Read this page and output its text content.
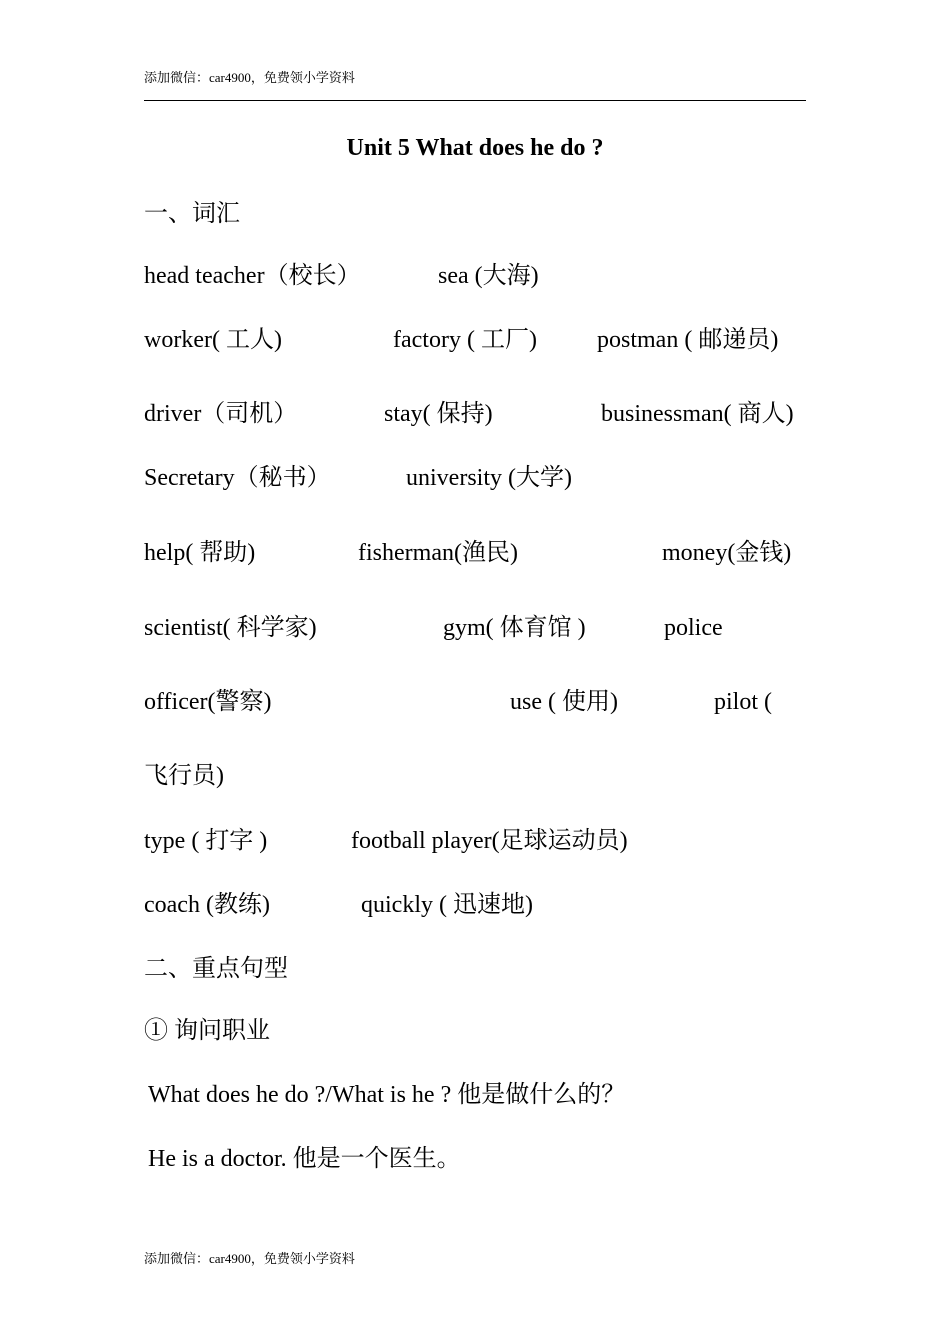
添加微信：car4900，免费领小学资料
Unit 5 What does he do ?
一、词汇
head teacher（校长）	sea (大海)
worker( 工人)	factory ( 工厂)	postman ( 邮递员)
driver（司机）	stay( 保持)	businessman( 商人)
Secretary（秘书）	university (大学)
help( 帮助)	fisherman(渔民)	money(金钱)
scientist( 科学家)	gym( 体育馆 )	police
officer(警察)	use ( 使用)	pilot (
飞行员)
type ( 打字 )	football player(足球运动员)
coach (教练)	quickly ( 迅速地)
二、重点句型
① 询问职业
What does he do ?/What is he ? 他是做什么的？
He is a doctor. 他是一个医生。
添加微信：car4900，免费领小学资料
